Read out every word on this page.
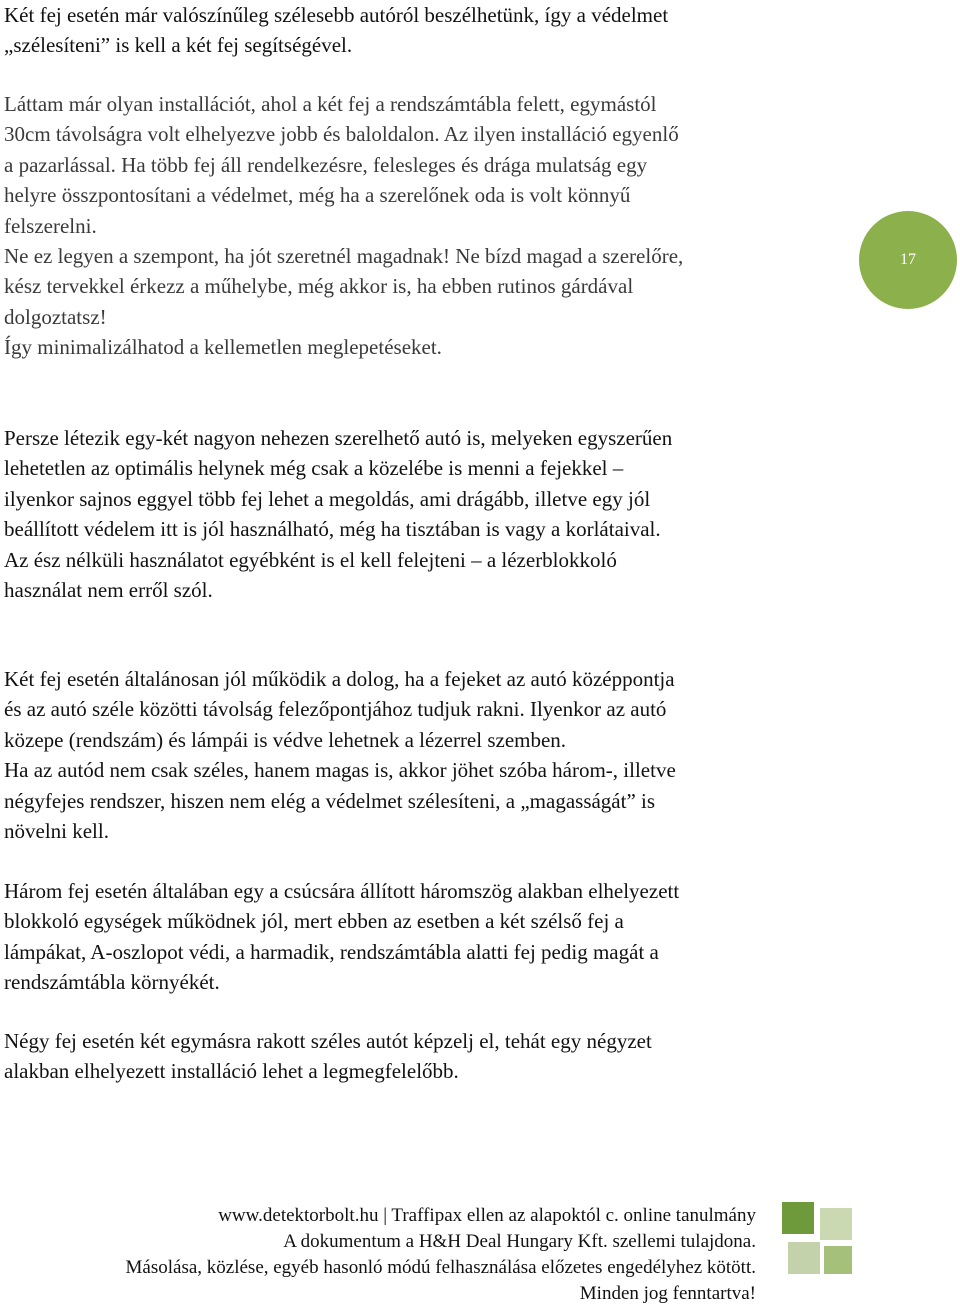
Két fej esetén már valószínűleg szélesebb autóról beszélhetünk, így a védelmet
„szélesíteni” is kell a két fej segítségével.
Láttam már olyan installációt, ahol a két fej a rendszámtábla felett, egymástól
30cm távolságra volt elhelyezve jobb és baloldalon. Az ilyen installáció egyenlő
a pazarlással. Ha több fej áll rendelkezésre, felesleges és drága mulatság egy
helyre összpontosítani a védelmet, még ha a szerelőnek oda is volt könnyű
felszerelni.
Ne ez legyen a szempont, ha jót szeretnél magadnak! Ne bízd magad a szerelőre,
kész tervekkel érkezz a műhelybe, még akkor is, ha ebben rutinos gárdával
dolgoztatsz!
Így minimalizálhatod a kellemetlen meglepetéseket.
17
Persze létezik egy-két nagyon nehezen szerelhető autó is, melyeken egyszerűen
lehetetlen az optimális helynek még csak a közelébe is menni a fejekkel –
ilyenkor sajnos eggyel több fej lehet a megoldás, ami drágább, illetve egy jól
beállított védelem itt is jól használható, még ha tisztában is vagy a korlátaival.
Az ész nélküli használatot egyébként is el kell felejteni – a lézerblokkoló
használat nem erről szól.
Két fej esetén általánosan jól működik a dolog, ha a fejeket az autó középpontja
és az autó széle közötti távolság felezőpontjához tudjuk rakni. Ilyenkor az autó
közepe (rendszám) és lámpái is védve lehetnek a lézerrel szemben.
Ha az autód nem csak széles, hanem magas is, akkor jöhet szóba három-, illetve
négyfejes rendszer, hiszen nem elég a védelmet szélesíteni, a „magasságát” is
növelni kell.
Három fej esetén általában egy a csúcsára állított háromszög alakban elhelyezett
blokkoló egységek működnek jól, mert ebben az esetben a két szélső fej a
lámpákat, A-oszlopot védi, a harmadik, rendszámtábla alatti fej pedig magát a
rendszámtábla környékét.
Négy fej esetén két egymásra rakott széles autót képzelj el, tehát egy négyzet
alakban elhelyezett installáció lehet a legmegfelelőbb.
www.detektorbolt.hu | Traffipax ellen az alapoktól c. online tanulmány
A dokumentum a H&H Deal Hungary Kft. szellemi tulajdona.
Másolása, közlése, egyéb hasonló módú felhasználása előzetes engedélyhez kötött.
Minden jog fenntartva!
